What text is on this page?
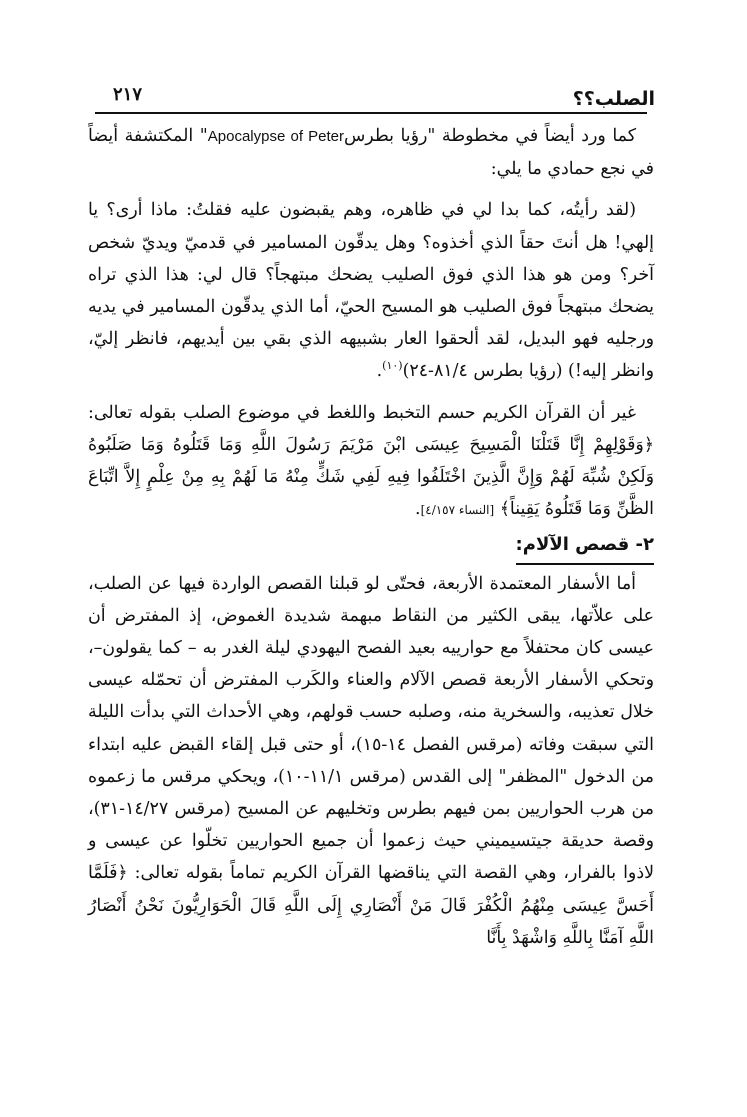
٢١٧	الصلب؟؟

كما ورد أيضاً في مخطوطة "رؤيا بطرسApocalypse of Peter" المكتشفة أيضاً في نجع حمادي ما يلي:

(لقد رأيتُه، كما بدا لي في ظاهره، وهم يقبضون عليه فقلتُ: ماذا أرى؟ يا إلهي! هل أنتَ حقاً الذي أخذوه؟ وهل يدقّون المسامير في قدميّ ويديّ شخص آخر؟ ومن هو هذا الذي فوق الصليب يضحك مبتهجاً؟ قال لي: هذا الذي تراه يضحك مبتهجاً فوق الصليب هو المسيح الحيّ، أما الذي يدقّون المسامير في يديه ورجليه فهو البديل، لقد ألحقوا العار بشبيهه الذي بقي بين أيديهم، فانظر إليّ، وانظر إليه!) (رؤيا بطرس ٨١/٤-٢٤)$^{(١٠)}$.

غير أن القرآن الكريم حسم التخبط واللغط في موضوع الصلب بقوله تعالى: ﴿وَقَوْلِهِمْ إِنَّا قَتَلْنَا الْمَسِيحَ عِيسَى ابْنَ مَرْيَمَ رَسُولَ اللَّهِ وَمَا قَتَلُوهُ وَمَا صَلَبُوهُ وَلَكِنْ شُبِّهَ لَهُمْ وَإِنَّ الَّذِينَ اخْتَلَفُوا فِيهِ لَفِي شَكٍّ مِنْهُ مَا لَهُمْ بِهِ مِنْ عِلْمٍ إِلاَّ اتِّبَاعَ الظَّنِّ وَمَا قَتَلُوهُ يَقِيناً﴾ [النساء ٤/١٥٧].

٢- قصص الآلام:

أما الأسفار المعتمدة الأربعة، فحتّى لو قبلنا القصص الواردة فيها عن الصلب، على علاّتها، يبقى الكثير من النقاط مبهمة شديدة الغموض، إذ المفترض أن عيسى كان محتفلاً مع حوارييه بعيد الفصح اليهودي ليلة الغدر به – كما يقولون–، وتحكي الأسفار الأربعة قصص الآلام والعناء والكَرب المفترض أن تحمّله عيسى خلال تعذيبه، والسخرية منه، وصلبه حسب قولهم، وهي الأحداث التي بدأت الليلة التي سبقت وفاته (مرقس الفصل ١٤-١٥)، أو حتى قبل إلقاء القبض عليه ابتداء من الدخول "المظفر" إلى القدس (مرقس ١١/١-١٠)، ويحكي مرقس ما زعموه من هرب الحواريين بمن فيهم بطرس وتخليهم عن المسيح (مرقس ١٤/٢٧-٣١)، وقصة حديقة جيتسيميني حيث زعموا أن جميع الحواريين تخلّوا عن عيسى و لاذوا بالفرار، وهي القصة التي يناقضها القرآن الكريم تماماً بقوله تعالى: ﴿فَلَمَّا أَحَسَّ عِيسَى مِنْهُمُ الْكُفْرَ قَالَ مَنْ أَنْصَارِي إِلَى اللَّهِ قَالَ الْحَوَارِيُّونَ نَحْنُ أَنْصَارُ اللَّهِ آمَنَّا بِاللَّهِ وَاشْهَدْ بِأَنَّا
